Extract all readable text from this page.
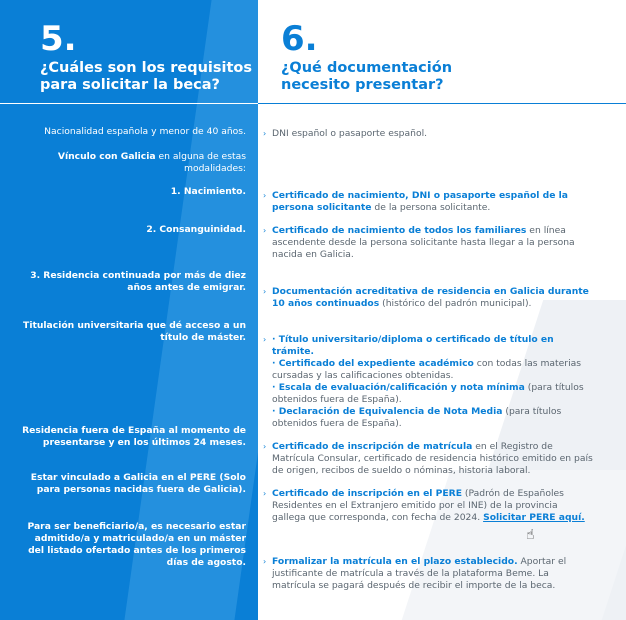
5.
¿Cuáles son los requisitos
para solicitar la beca?
6.
¿Qué documentación
necesito presentar?
Nacionalidad española y menor de 40 años.
Vínculo con Galicia en alguna de estas modalidades:
1. Nacimiento.
2. Consanguinidad.
3. Residencia continuada por más de diez años antes de emigrar.
Titulación universitaria que dé acceso a un título de máster.
Residencia fuera de España al momento de presentarse y en los últimos 24 meses.
Estar vinculado a Galicia en el PERE (Solo para personas nacidas fuera de Galicia).
Para ser beneficiario/a, es necesario estar admitido/a y matriculado/a en un máster del listado ofertado antes de los primeros días de agosto.
› DNI español o pasaporte español.
› Certificado de nacimiento, DNI o pasaporte español de la persona solicitante de la persona solicitante.
› Certificado de nacimiento de todos los familiares en línea ascendente desde la persona solicitante hasta llegar a la persona nacida en Galicia.
› Documentación acreditativa de residencia en Galicia durante 10 años continuados (histórico del padrón municipal).
› · Título universitario/diploma o certificado de título en trámite.
· Certificado del expediente académico con todas las materias cursadas y las calificaciones obtenidas.
· Escala de evaluación/calificación y nota mínima (para títulos obtenidos fuera de España).
· Declaración de Equivalencia de Nota Media (para títulos obtenidos fuera de España).
› Certificado de inscripción de matrícula en el Registro de Matrícula Consular, certificado de residencia histórico emitido en país de origen, recibos de sueldo o nóminas, historia laboral.
› Certificado de inscripción en el PERE (Padrón de Españoles Residentes en el Extranjero emitido por el INE) de la provincia gallega que corresponda, con fecha de 2024. Solicitar PERE aquí.
› Formalizar la matrícula en el plazo establecido. Aportar el justificante de matrícula a través de la plataforma Beme. La matrícula se pagará después de recibir el importe de la beca.
☝
